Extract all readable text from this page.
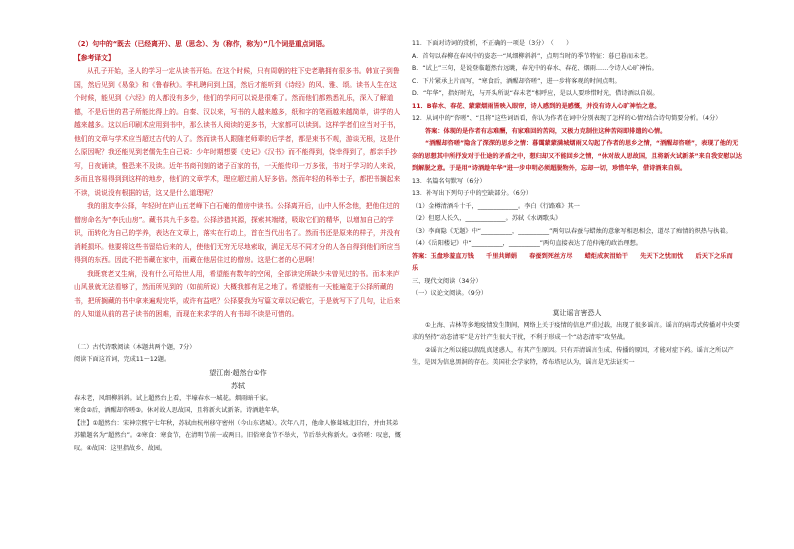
（2）句中的“既去（已经离开）、思（思念）、为（称作，称为）”几个词是重点词语。

【参考译文】

从孔子开始，圣人的学习一定从读书开始。在这个时候，只有周朝的柱下史老聃拥有很多书。韩宣子到鲁国，然后见到《易象》和《鲁春秋》。季札聘问到上国，然后才能听到《诗经》的风、雅、颂。读书人生在这个时候，能见到《六经》的人都没有多少，他们的学问可以说是很难了。然而他们都熟悉礼乐，深入了解道德，不是后世的君子所能比得上的。自秦、汉以来，写书的人越来越多，纸和字的笔画越来越简单，讲学的人越来越多。这以后印刷术应用到书中，那么读书人阅读的更多书，大家都可以读到。这样学者们应当对于书，他们的文章与学术应当超过古代的人了。然而读书人跟随老师辈的后学者，都是束书不观，游谈无根，这是什么原因呢？我还能见到老儒先生自己说：少年时期想要《史记》《汉书》而不能得到，侥幸得到了，都亲手抄写，日夜诵读，惟恐来不及读。近年书商刊刻的诸子百家的书，一天能传印一万多张，书对于学习的人来说，多而且容易得到到这样的地步，他们的文章学术，理应超过前人好多倍。然而年轻的科举士子，都把书搁起来不读，说说没有根据的话，这又是什么道理呢？

我的朋友李公择，年轻时在庐山五老峰下白石庵的僧房中读书。公择离开后，山中人怀念他，把他住过的僧房命名为“李氏山房”。藏书共九千多卷。公择涉猎其源，探索其端绪，吸取它们的精华，以增加自己的学识，而转化为自己的学养，表达在文章上，落实在行动上，首在当代出名了。然而书还是原来的样子，并没有消耗损坏。他要将这些书留给后来的人，使他们无穷无尽地索取，满足无尽不同才分的人各自得到他们所应当得到的东西。因此不把书藏在家中，而藏在他居住过的僧房。这是仁者的心思啊！

我既衰老又生病，没有什么可给世人用，希望能有数年的空闲，全部读完所缺少未曾见过的书。而本来庐山风景就无法看够了，然而所见到的（如前所说）大概我都有足之地了。希望能有一天能遍览于公择所藏的书，把所搁藏的书中拿来遍观完毕，或许有益吧？公择要我为写篇文章以记载它，于是就写下了几句，让后来的人知道从前的君子读书的困难，而现在来求学的人有书却不读是可惜的。

（二）古代诗歌阅读（本题共两个题，7分）

阅读下面这首词，完成11～12题。

望江南·超然台①作

苏轼

春未老，风细柳斜斜。试上超然台上看，半壕春水一城花。烟雨暗千家。

寒食②后，酒醒却咨嗟③。休对故人思故国，且将新火试新茶。诗酒趁年华。

【注】①超然台：宋神宗熙宁七年秋，苏轼由杭州移守密州（今山东诸城）。次年八月，他命人修葺城北旧台，并由其弟苏辙题名为“超然台”。②寒食：寒食节，在清明节前一或两日。旧俗寒食节不举火，节后举火称新火。③咨嗟：叹息，慨叹。④故国：这里指故乡、故园。

11．下面对诗词的赏析，不正确的一项是（3分）　（　　）

A．首句以春柳在春风中的姿态一“风细柳斜斜”，点明当时的季节特征：暮已暮而未老。

B．“试上”三句，是说登临超然台远眺，春光中的春水、春花、烟雨……令诗人心旷神怡。

C．下片紧承上片而写，“寒食后，酒醒却咨嗟”，进一步将客观的时间点明。

D．“年华”，指好时光，与开头所说“春未老”相呼应，是以人要珍惜时光，借诗酒以自娱。

11．B春水、春花、蒙蒙烟雨皆映入眼帘，诗人感到的是感慨，并没有诗人心旷神怡之意。

12．从词中的“咨嗟”、“且将”这些词语看，你认为作者在词中分别表现了怎样的心情?结合诗句简要分析。（4分）

答案：体现的是作者有志难酬，有家难回的苦闷，又极力克制住这种苦闷即排遣的心情。

“酒醒却咨嗟”隐含了深深的思乡之情：暮霭蒙蒙满城烟雨又勾起了作者的思乡之情，“酒醒却咨嗟”，表现了他的无奈的思想其中所抒发对于仕途的矛盾之中，想归却又不能回乡之情，“休对故人思故国，且将新火试新茶”来自我安慰以达到解脱之意。于是用“诗酒趁年华”进一步申明必须超脱物外，忘却一切，珍惜年华，借诗酒来自娱。

13．名篇名句默写（6分）

13．补写出下列句子中的空缺部分。（6分）

（1）金樽清酒斗十千，_____________。李白《行路难》其一

（2）但愿人长久，_____________。苏轼《水调歌头》

（3）李商隐《无题》中“__________，__________”两句以春蚕与蜡烛的意象写相思相会，道尽了痴情的炽热与执着。

（4）《岳阳楼记》中“__________，__________”两句直接表达了范仲淹的政治理想。

答案：玉盘珍羞直万钱 千里共婵娟 春蚕到死丝方尽 蜡炬成灰泪始干 先天下之忧而忧 后天下之乐而乐

三、现代文阅读（34分）

（一）议论文阅读。（9分）

莫让谣言害恐人

①上海、吉林等多地疫情发生期间，网络上关于疫情的信息严重过载，出现了很多谣言。谣言的病毒式传播对中央要求的坚持“动态清零”是方针产生很大干扰，不利于形成一个“动态清零”攻坚战。

②谣言之所以能以假乱真迷惑人，有其产生原因。只有弄清谣言生成、传播的原因，才能对症下药。谣言之所以产生，是因为信息黑洞的存在。美国社会学家特，希布塔尼认为，谣言是无法证实一
